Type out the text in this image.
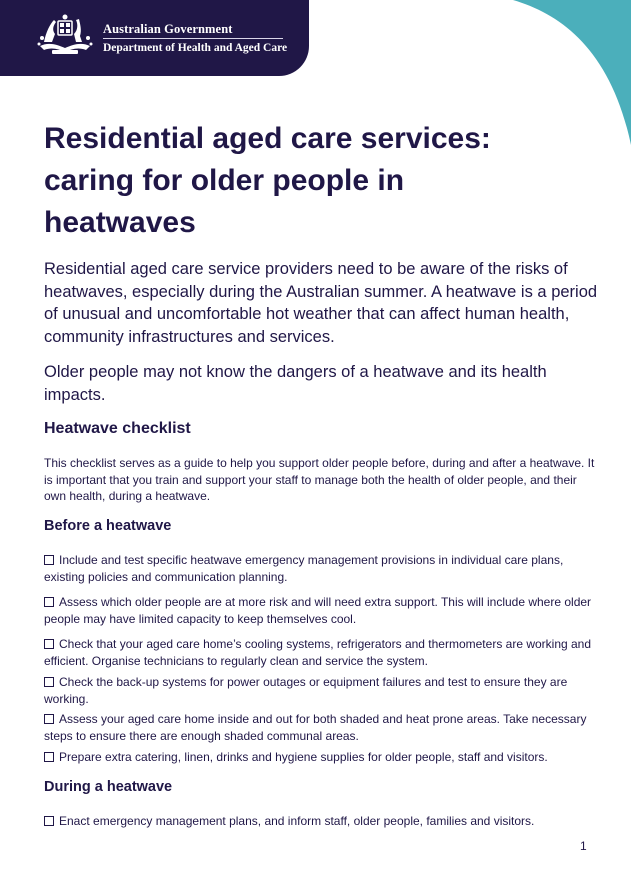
Australian Government
Department of Health and Aged Care
Residential aged care services: caring for older people in heatwaves

Residential aged care service providers need to be aware of the risks of heatwaves, especially during the Australian summer. A heatwave is a period of unusual and uncomfortable hot weather that can affect human health, community infrastructures and services.

Older people may not know the dangers of a heatwave and its health impacts.

Heatwave checklist

This checklist serves as a guide to help you support older people before, during and after a heatwave. It is important that you train and support your staff to manage both the health of older people, and their own health, during a heatwave.

Before a heatwave
Include and test specific heatwave emergency management provisions in individual care plans, existing policies and communication planning.
Assess which older people are at more risk and will need extra support. This will include where older people may have limited capacity to keep themselves cool.
Check that your aged care home’s cooling systems, refrigerators and thermometers are working and efficient. Organise technicians to regularly clean and service the system.
Check the back-up systems for power outages or equipment failures and test to ensure they are working.
Assess your aged care home inside and out for both shaded and heat prone areas. Take necessary steps to ensure there are enough shaded communal areas.
Prepare extra catering, linen, drinks and hygiene supplies for older people, staff and visitors.
During a heatwave
Enact emergency management plans, and inform staff, older people, families and visitors.
1
